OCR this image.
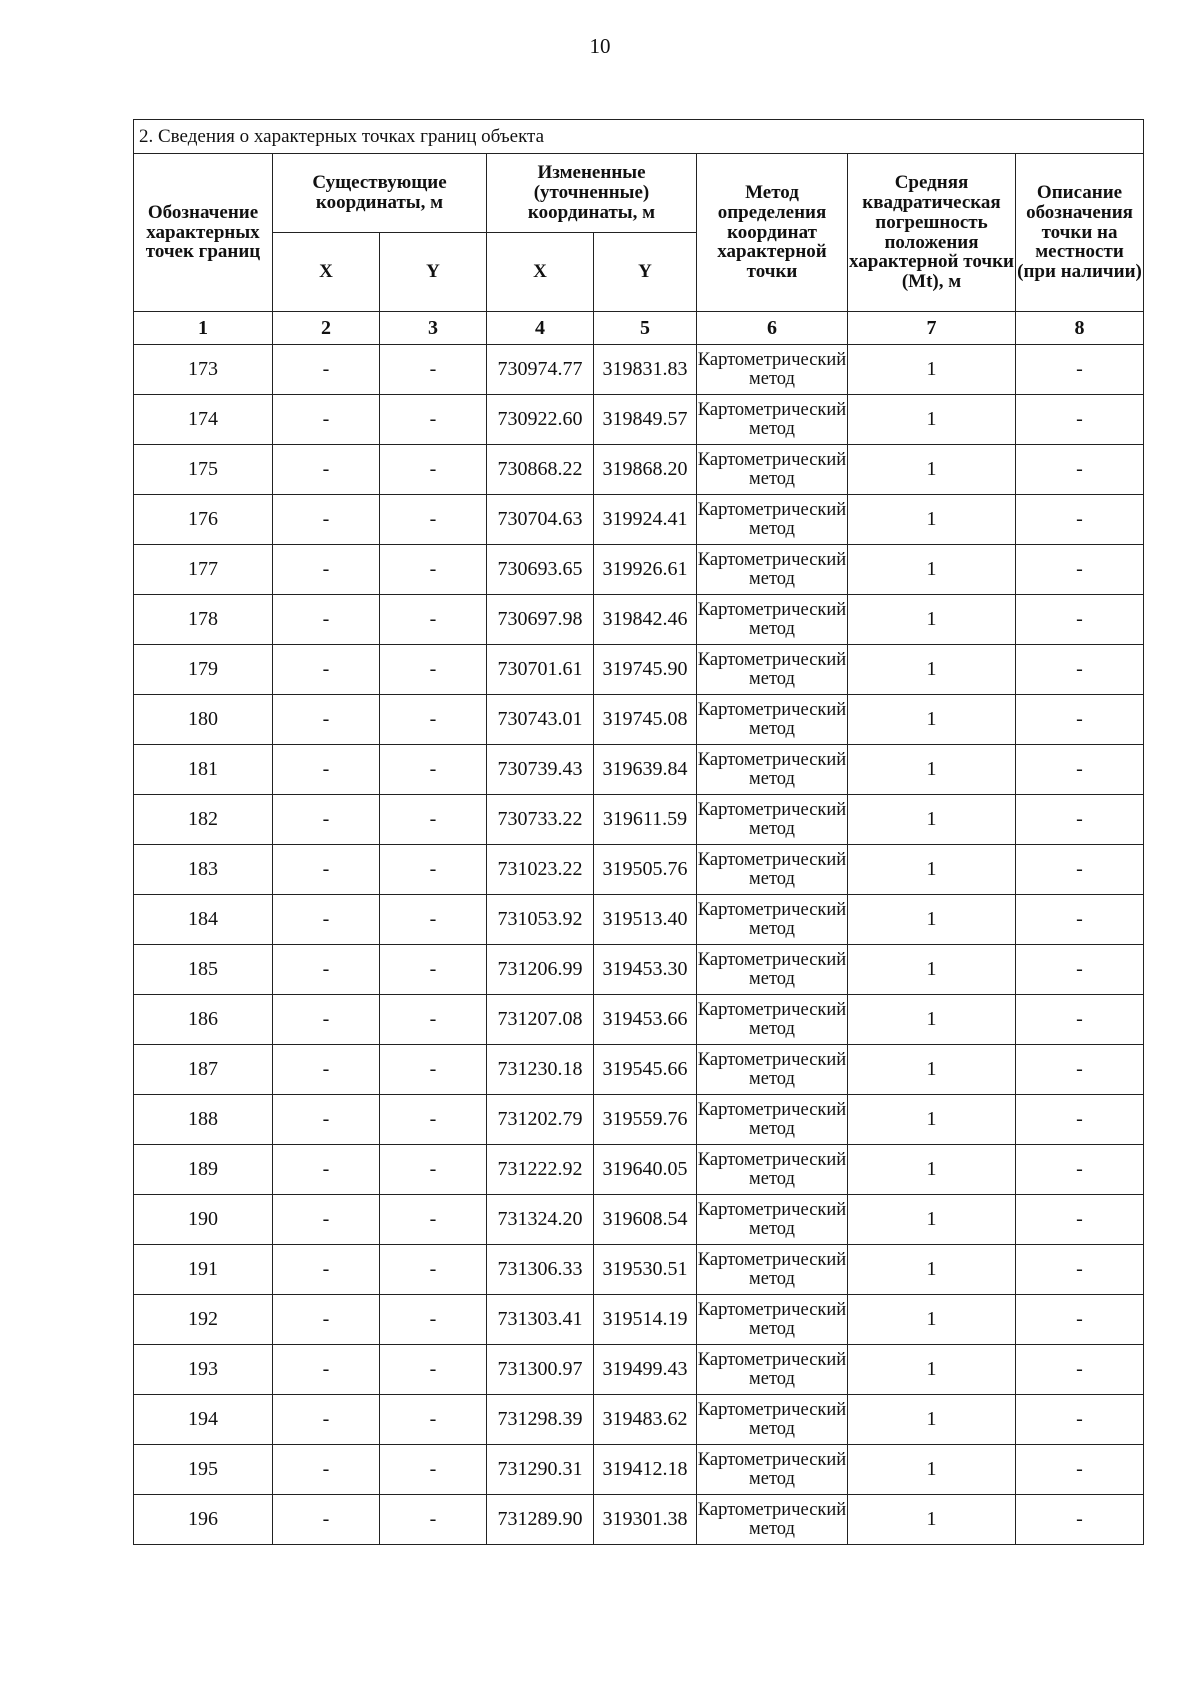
10
2. Сведения о характерных точках границ объекта							
Обозначение характерных точек границ	Существующие координаты, м		Измененные (уточненные) координаты, м		Метод определения координат характерной точки	Средняя квадратическая погрешность положения характерной точки (Mt), м	Описание обозначения точки на местности (при наличии)
	X	Y	X	Y			
1	2	3	4	5	6	7	8
173	-	-	730974.77	319831.83	Картометрический метод	1	-
174	-	-	730922.60	319849.57	Картометрический метод	1	-
175	-	-	730868.22	319868.20	Картометрический метод	1	-
176	-	-	730704.63	319924.41	Картометрический метод	1	-
177	-	-	730693.65	319926.61	Картометрический метод	1	-
178	-	-	730697.98	319842.46	Картометрический метод	1	-
179	-	-	730701.61	319745.90	Картометрический метод	1	-
180	-	-	730743.01	319745.08	Картометрический метод	1	-
181	-	-	730739.43	319639.84	Картометрический метод	1	-
182	-	-	730733.22	319611.59	Картометрический метод	1	-
183	-	-	731023.22	319505.76	Картометрический метод	1	-
184	-	-	731053.92	319513.40	Картометрический метод	1	-
185	-	-	731206.99	319453.30	Картометрический метод	1	-
186	-	-	731207.08	319453.66	Картометрический метод	1	-
187	-	-	731230.18	319545.66	Картометрический метод	1	-
188	-	-	731202.79	319559.76	Картометрический метод	1	-
189	-	-	731222.92	319640.05	Картометрический метод	1	-
190	-	-	731324.20	319608.54	Картометрический метод	1	-
191	-	-	731306.33	319530.51	Картометрический метод	1	-
192	-	-	731303.41	319514.19	Картометрический метод	1	-
193	-	-	731300.97	319499.43	Картометрический метод	1	-
194	-	-	731298.39	319483.62	Картометрический метод	1	-
195	-	-	731290.31	319412.18	Картометрический метод	1	-
196	-	-	731289.90	319301.38	Картометрический метод	1	-
